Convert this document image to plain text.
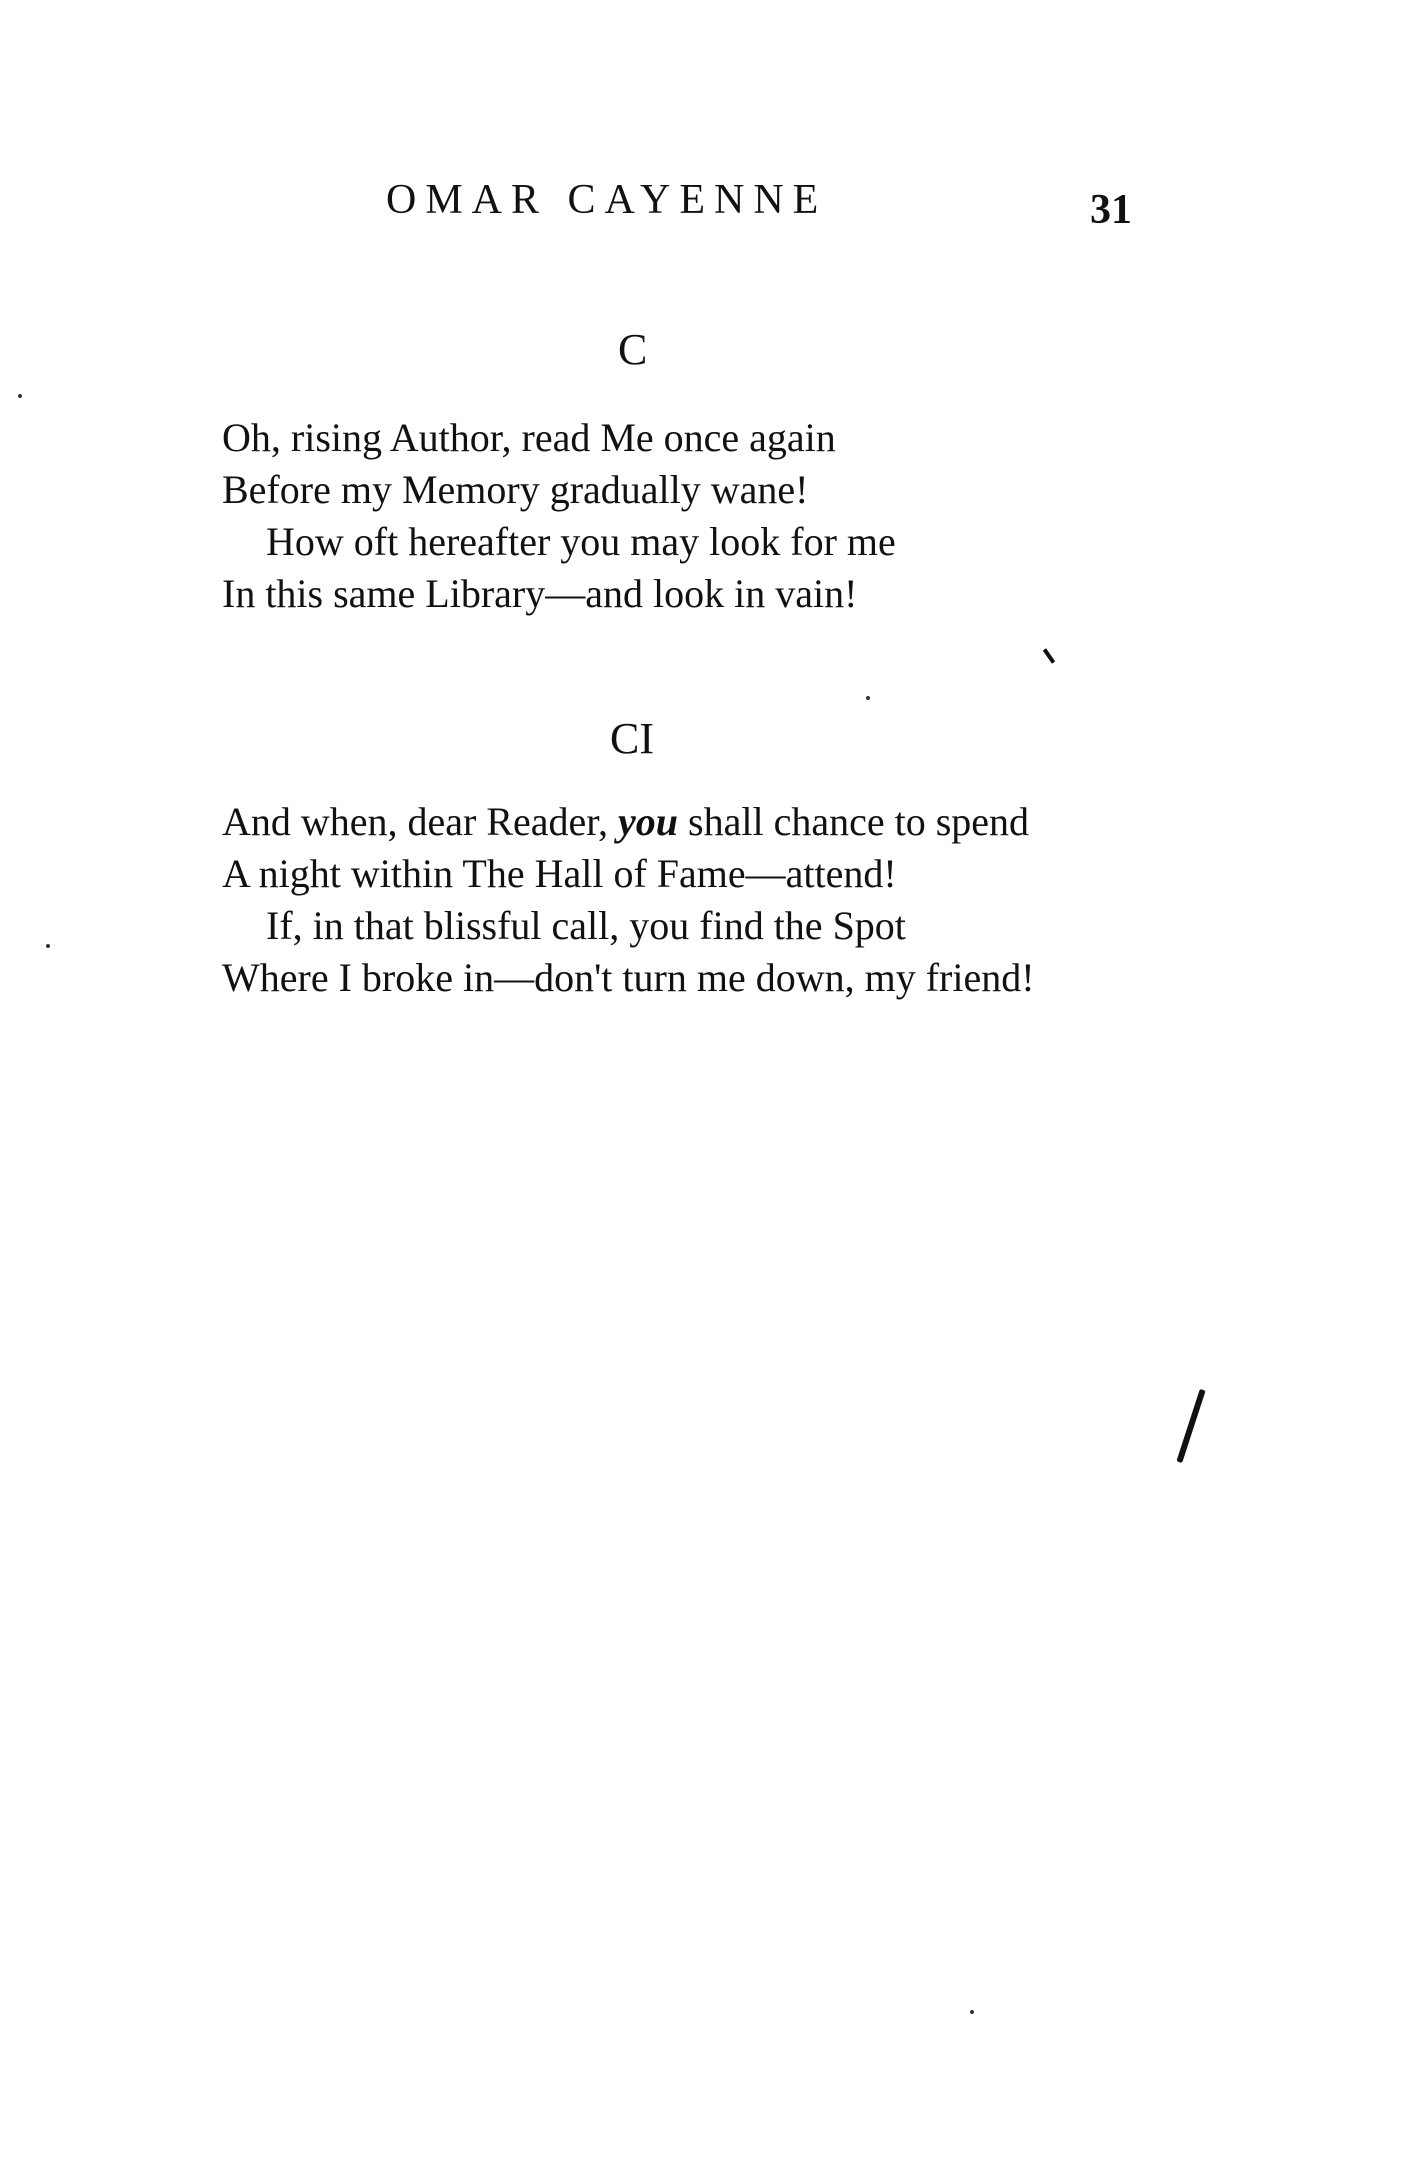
OMAR CAYENNE	31
C
Oh, rising Author, read Me once again
Before my Memory gradually wane!
How oft hereafter you may look for me
In this same Library—and look in vain!
CI
And when, dear Reader, you shall chance to spend
A night within The Hall of Fame—attend!
If, in that blissful call, you find the Spot
Where I broke in—don't turn me down, my friend!
